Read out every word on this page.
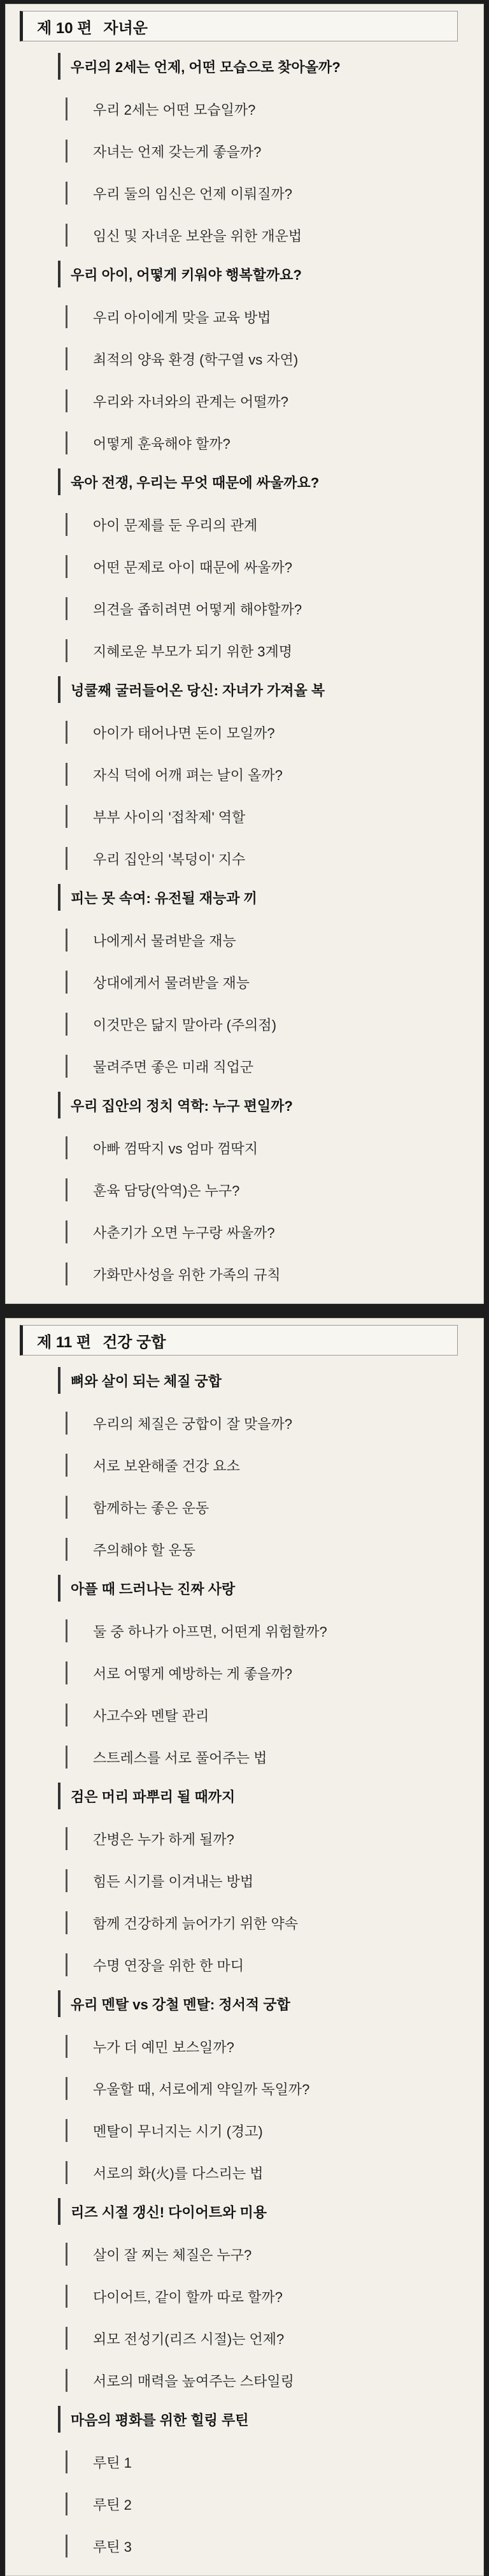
제 10 편 자녀운
우리의 2세는 언제, 어떤 모습으로 찾아올까?
우리 2세는 어떤 모습일까?
자녀는 언제 갖는게 좋을까?
우리 둘의 임신은 언제 이뤄질까?
임신 및 자녀운 보완을 위한 개운법
우리 아이, 어떻게 키워야 행복할까요?
우리 아이에게 맞을 교육 방법
최적의 양육 환경 (학구열 vs 자연)
우리와 자녀와의 관계는 어떨까?
어떻게 훈육해야 할까?
육아 전쟁, 우리는 무엇 때문에 싸울까요?
아이 문제를 둔 우리의 관계
어떤 문제로 아이 때문에 싸울까?
의견을 좁히려면 어떻게 해야할까?
지혜로운 부모가 되기 위한 3계명
넝쿨째 굴러들어온 당신: 자녀가 가져올 복
아이가 태어나면 돈이 모일까?
자식 덕에 어깨 펴는 날이 올까?
부부 사이의 '접착제' 역할
우리 집안의 '복덩이' 지수
피는 못 속여: 유전될 재능과 끼
나에게서 물려받을 재능
상대에게서 물려받을 재능
이것만은 닮지 말아라 (주의점)
물려주면 좋은 미래 직업군
우리 집안의 정치 역학: 누구 편일까?
아빠 껌딱지 vs 엄마 껌딱지
훈육 담당(악역)은 누구?
사춘기가 오면 누구랑 싸울까?
가화만사성을 위한 가족의 규칙
제 11 편 건강 궁합
뼈와 살이 되는 체질 궁합
우리의 체질은 궁합이 잘 맞을까?
서로 보완해줄 건강 요소
함께하는 좋은 운동
주의해야 할 운동
아플 때 드러나는 진짜 사랑
둘 중 하나가 아프면, 어떤게 위험할까?
서로 어떻게 예방하는 게 좋을까?
사고수와 멘탈 관리
스트레스를 서로 풀어주는 법
검은 머리 파뿌리 될 때까지
간병은 누가 하게 될까?
힘든 시기를 이겨내는 방법
함께 건강하게 늙어가기 위한 약속
수명 연장을 위한 한 마디
유리 멘탈 vs 강철 멘탈: 정서적 궁합
누가 더 예민 보스일까?
우울할 때, 서로에게 약일까 독일까?
멘탈이 무너지는 시기 (경고)
서로의 화(火)를 다스리는 법
리즈 시절 갱신! 다이어트와 미용
살이 잘 찌는 체질은 누구?
다이어트, 같이 할까 따로 할까?
외모 전성기(리즈 시절)는 언제?
서로의 매력을 높여주는 스타일링
마음의 평화를 위한 힐링 루틴
루틴 1
루틴 2
루틴 3
